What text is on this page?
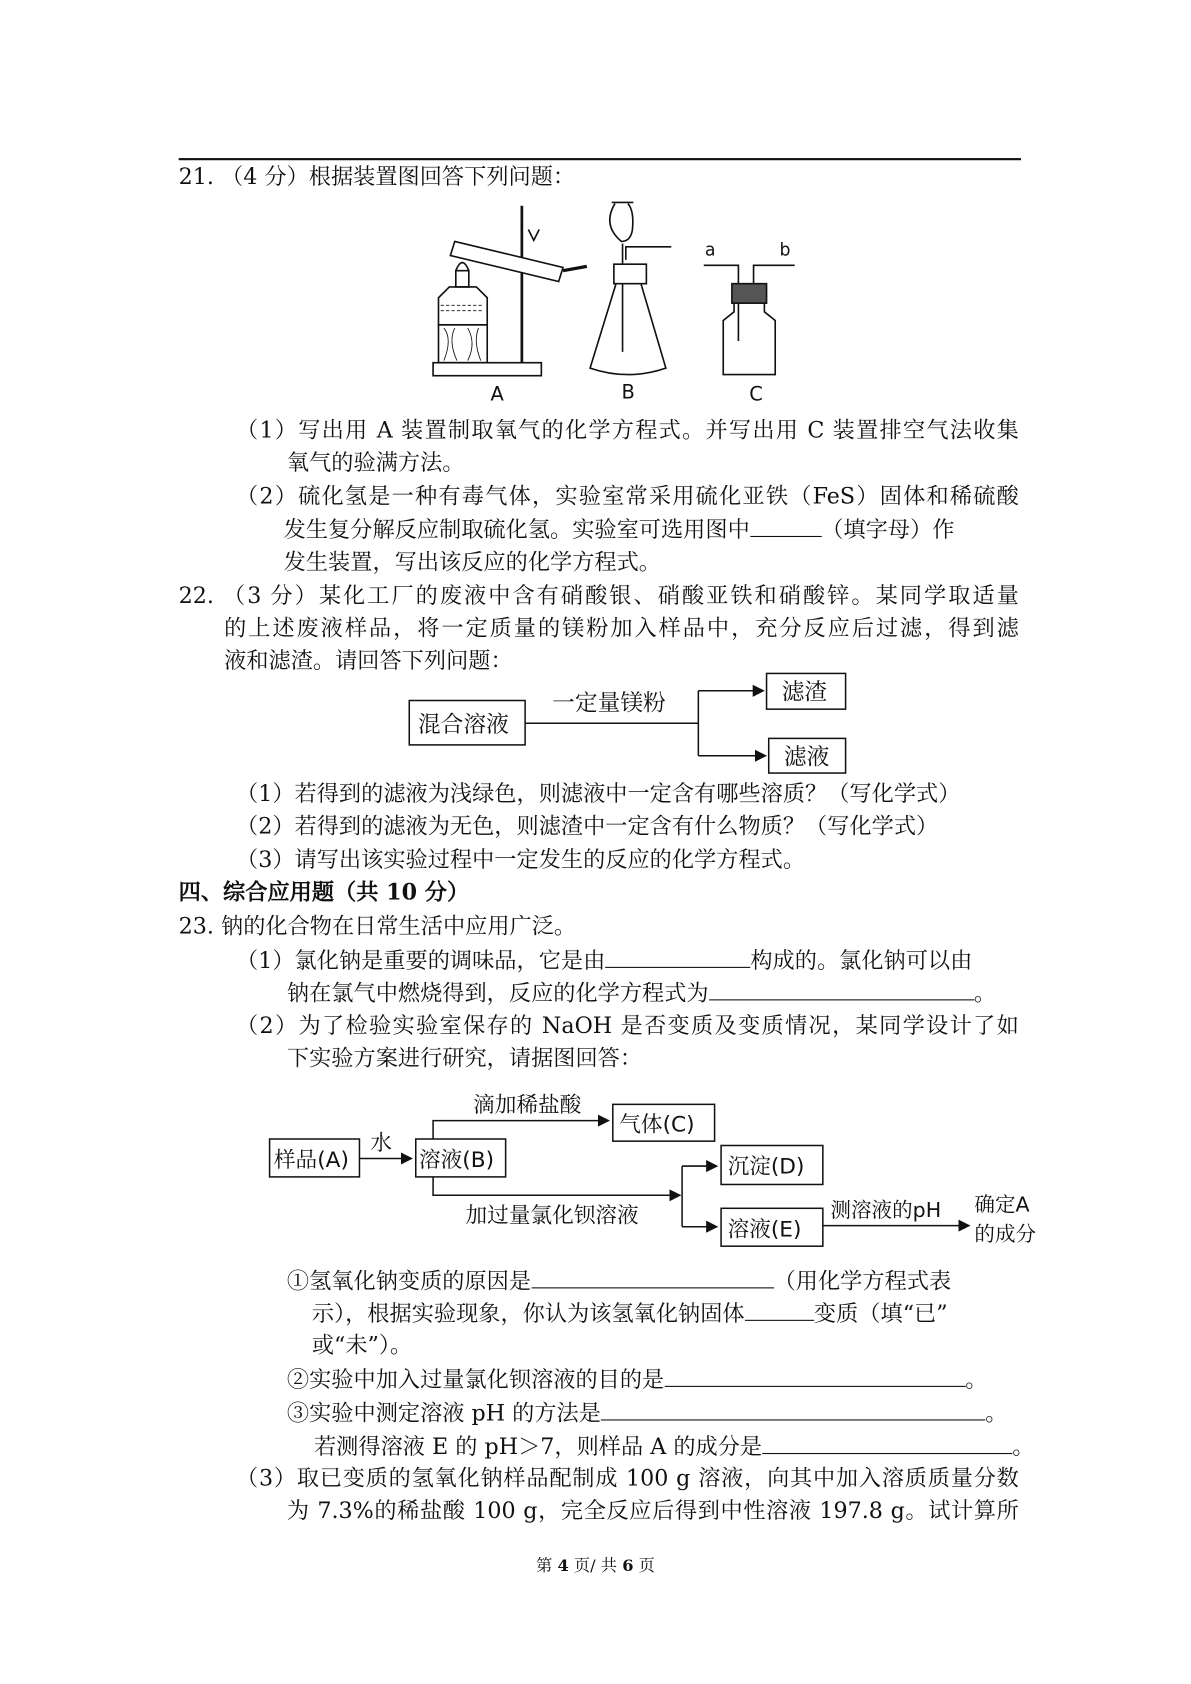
21. （4 分）根据装置图回答下列问题：
A	B	C
a	b
（1）写出用 A 装置制取氧气的化学方程式。并写出用 C 装置排空气法收集
氧气的验满方法。
（2）硫化氢是一种有毒气体，实验室常采用硫化亚铁（FeS）固体和稀硫酸
发生复分解反应制取硫化氢。实验室可选用图中	（填字母）作
发生装置，写出该反应的化学方程式。
22. （3 分）某化工厂的废液中含有硝酸银、硝酸亚铁和硝酸锌。某同学取适量
的上述废液样品，将一定质量的镁粉加入样品中，充分反应后过滤，得到滤
液和滤渣。请回答下列问题：
混合溶液
一定量镁粉	滤渣
滤液
（1）若得到的滤液为浅绿色，则滤液中一定含有哪些溶质？（写化学式）
（2）若得到的滤液为无色，则滤渣中一定含有什么物质？（写化学式）
（3）请写出该实验过程中一定发生的反应的化学方程式。
四、综合应用题（共 10 分）
23. 钠的化合物在日常生活中应用广泛。
（1）氯化钠是重要的调味品，它是由	构成的。氯化钠可以由
钠在氯气中燃烧得到，反应的化学方程式为	。
（2）为了检验实验室保存的 NaOH 是否变质及变质情况，某同学设计了如
下实验方案进行研究，请据图回答：
样品(A)
水
溶液(B)
滴加稀盐酸
气体(C)
加过量氯化钡溶液
沉淀(D)
溶液(E)
测溶液的pH 确定A
的成分
①氢氧化钠变质的原因是	（用化学方程式表
示），根据实验现象，你认为该氢氧化钠固体	变质（填“已”
或“未”）。
②实验中加入过量氯化钡溶液的目的是	。
③实验中测定溶液 pH 的方法是	。
若测得溶液 E 的 pH＞7，则样品 A 的成分是	。
（3）取已变质的氢氧化钠样品配制成 100 g 溶液，向其中加入溶质质量分数
为 7.3%的稀盐酸 100 g，完全反应后得到中性溶液 197.8 g。试计算所
第 4 页/ 共 6 页
